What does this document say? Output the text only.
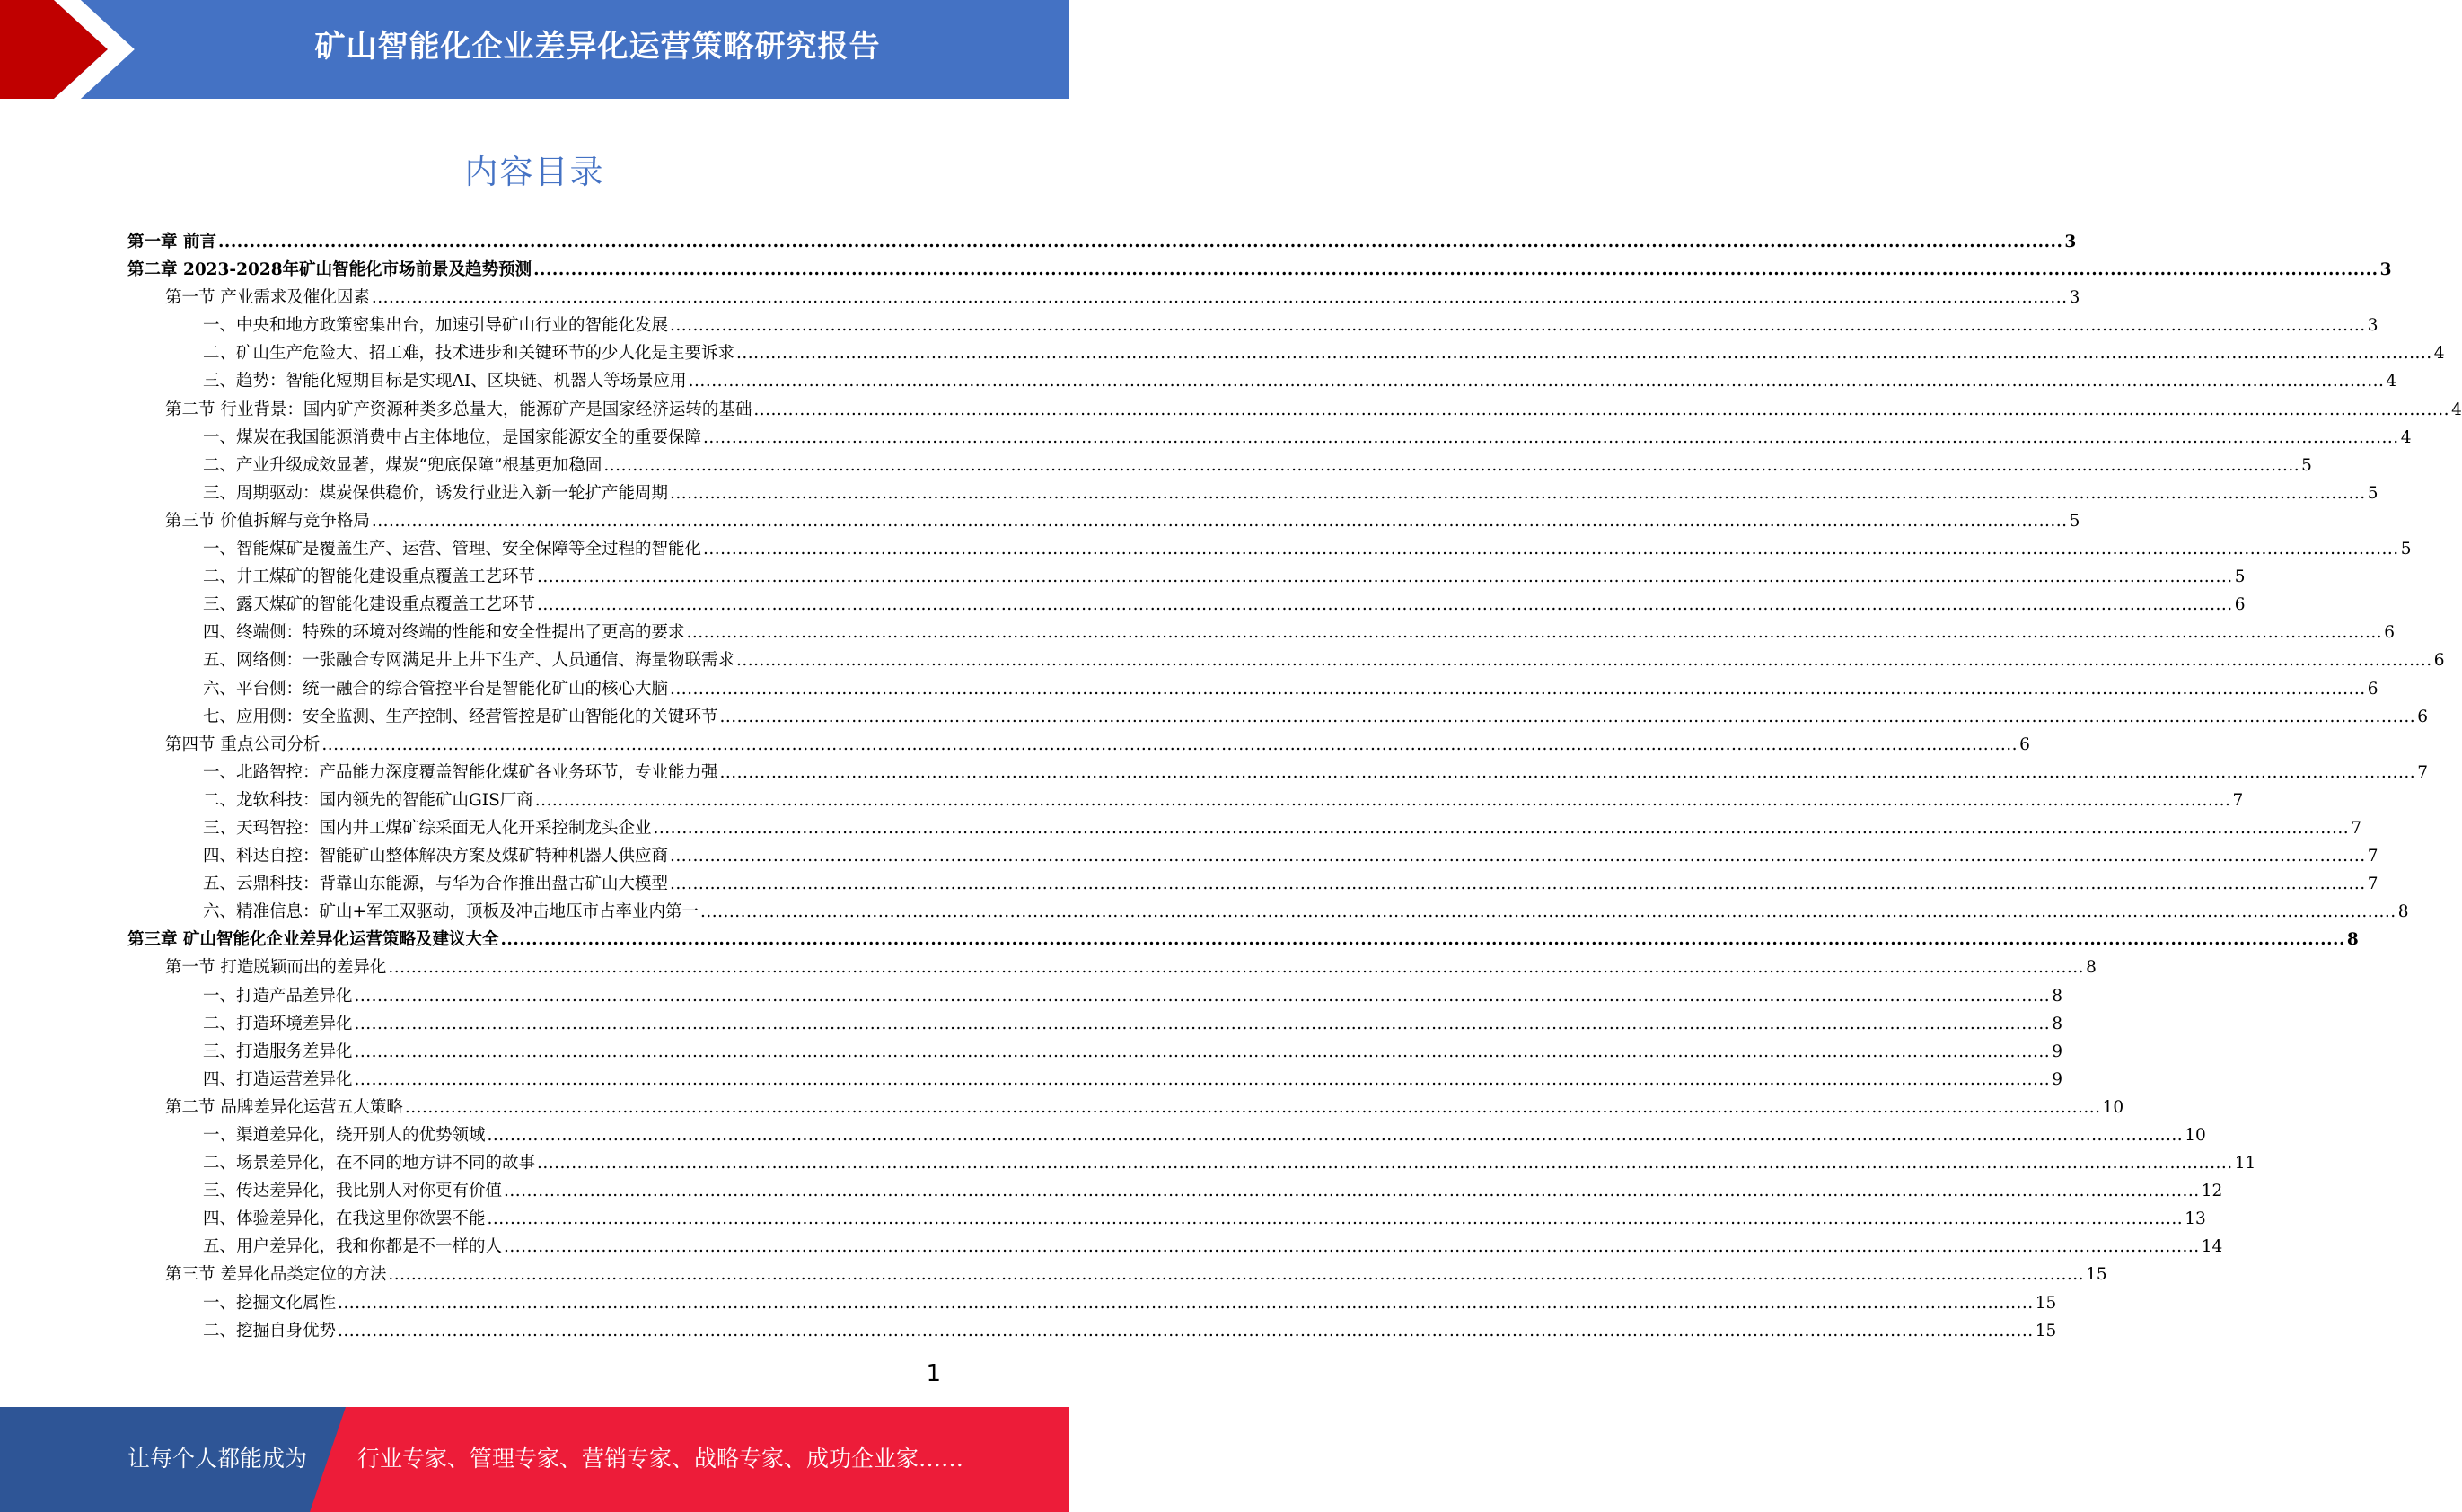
矿山智能化企业差异化运营策略研究报告
内容目录
第一章 前言 .....	3
第二章 2023-2028年矿山智能化市场前景及趋势预测 .....	3
第一节 产业需求及催化因素 .....	3
一、中央和地方政策密集出台，加速引导矿山行业的智能化发展 .....	3
二、矿山生产危险大、招工难，技术进步和关键环节的少人化是主要诉求 .....	4
三、趋势：智能化短期目标是实现AI、区块链、机器人等场景应用 .....	4
第二节 行业背景：国内矿产资源种类多总量大，能源矿产是国家经济运转的基础 .....	4
一、煤炭在我国能源消费中占主体地位，是国家能源安全的重要保障 .....	4
二、产业升级成效显著，煤炭“兜底保障”根基更加稳固 .....	5
三、周期驱动：煤炭保供稳价，诱发行业进入新一轮扩产能周期 .....	5
第三节 价值拆解与竞争格局 .....	5
一、智能煤矿是覆盖生产、运营、管理、安全保障等全过程的智能化 .....	5
二、井工煤矿的智能化建设重点覆盖工艺环节 .....	5
三、露天煤矿的智能化建设重点覆盖工艺环节 .....	6
四、终端侧：特殊的环境对终端的性能和安全性提出了更高的要求 .....	6
五、网络侧：一张融合专网满足井上井下生产、人员通信、海量物联需求 .....	6
六、平台侧：统一融合的综合管控平台是智能化矿山的核心大脑 .....	6
七、应用侧：安全监测、生产控制、经营管控是矿山智能化的关键环节 .....	6
第四节 重点公司分析 .....	6
一、北路智控：产品能力深度覆盖智能化煤矿各业务环节，专业能力强 .....	7
二、龙软科技：国内领先的智能矿山GIS厂商 .....	7
三、天玛智控：国内井工煤矿综采面无人化开采控制龙头企业 .....	7
四、科达自控：智能矿山整体解决方案及煤矿特种机器人供应商 .....	7
五、云鼎科技：背靠山东能源，与华为合作推出盘古矿山大模型 .....	7
六、精准信息：矿山+军工双驱动，顶板及冲击地压市占率业内第一 .....	8
第三章 矿山智能化企业差异化运营策略及建议大全 .....	8
第一节 打造脱颖而出的差异化 .....	8
一、打造产品差异化 .....	8
二、打造环境差异化 .....	8
三、打造服务差异化 .....	9
四、打造运营差异化 .....	9
第二节 品牌差异化运营五大策略 .....	10
一、渠道差异化，绕开别人的优势领域 .....	10
二、场景差异化，在不同的地方讲不同的故事 .....	11
三、传达差异化，我比别人对你更有价值 .....	12
四、体验差异化，在我这里你欲罢不能 .....	13
五、用户差异化，我和你都是不一样的人 .....	14
第三节 差异化品类定位的方法 .....	15
一、挖掘文化属性 .....	15
二、挖掘自身优势 .....	15
1
让每个人都能成为 行业专家、管理专家、营销专家、战略专家、成功企业家……
